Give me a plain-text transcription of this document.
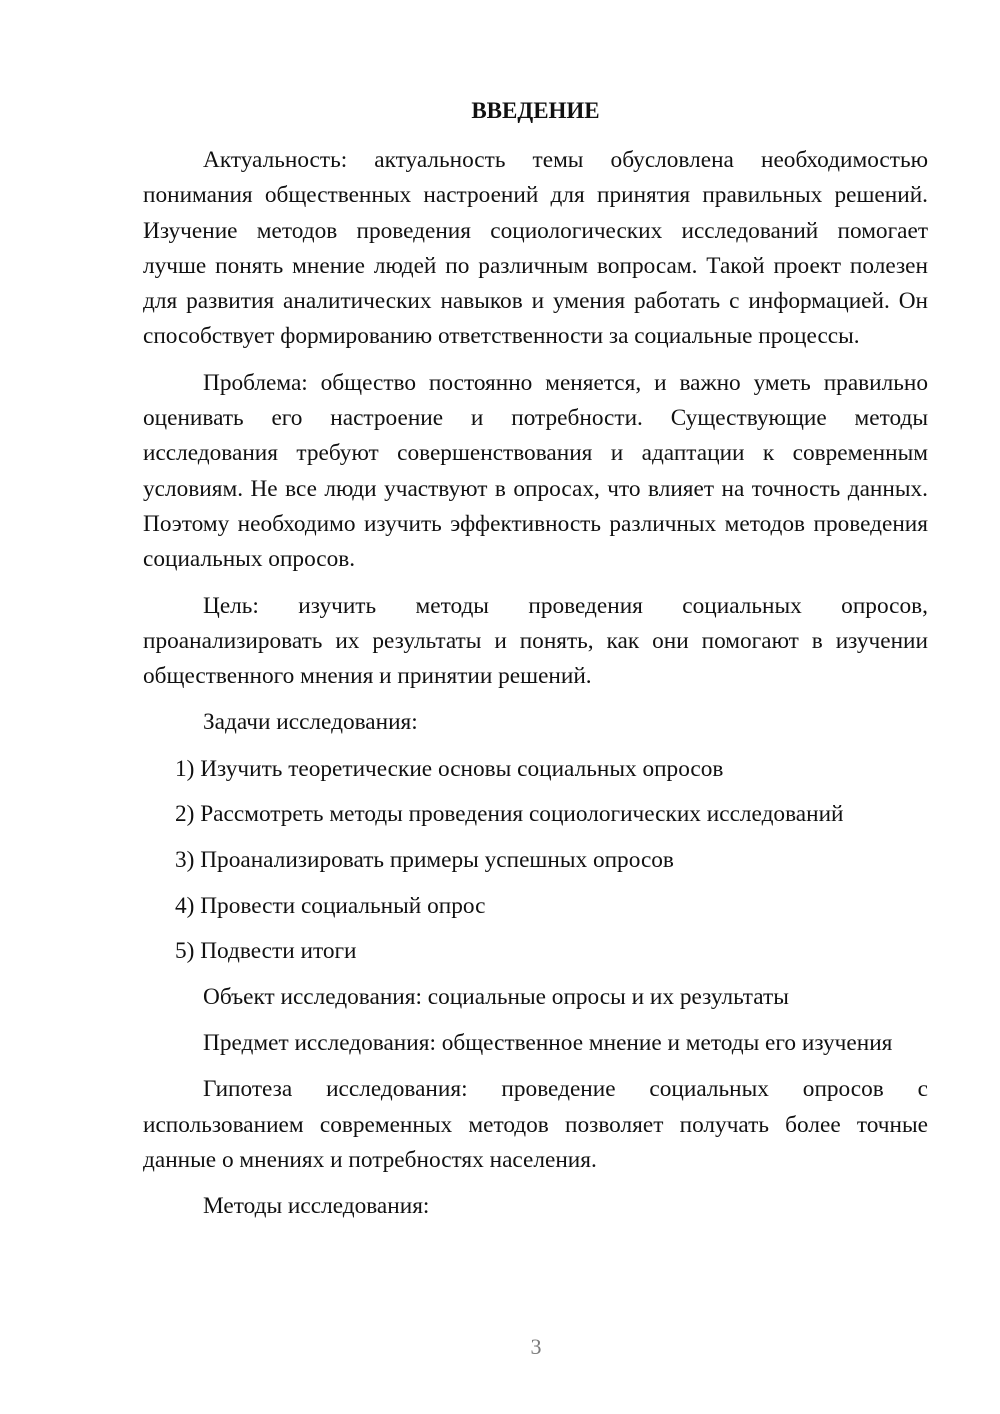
ВВЕДЕНИЕ

Актуальность: актуальность темы обусловлена необходимостью понимания общественных настроений для принятия правильных решений. Изучение методов проведения социологических исследований помогает лучше понять мнение людей по различным вопросам. Такой проект полезен для развития аналитических навыков и умения работать с информацией. Он способствует формированию ответственности за социальные процессы.

Проблема: общество постоянно меняется, и важно уметь правильно оценивать его настроение и потребности. Существующие методы исследования требуют совершенствования и адаптации к современным условиям. Не все люди участвуют в опросах, что влияет на точность данных. Поэтому необходимо изучить эффективность различных методов проведения социальных опросов.

Цель: изучить методы проведения социальных опросов, проанализировать их результаты и понять, как они помогают в изучении общественного мнения и принятии решений.

Задачи исследования:

1) Изучить теоретические основы социальных опросов
2) Рассмотреть методы проведения социологических исследований
3) Проанализировать примеры успешных опросов
4) Провести социальный опрос
5) Подвести итоги

Объект исследования: социальные опросы и их результаты

Предмет исследования: общественное мнение и методы его изучения

Гипотеза исследования: проведение социальных опросов с использованием современных методов позволяет получать более точные данные о мнениях и потребностях населения.

Методы исследования:

3
